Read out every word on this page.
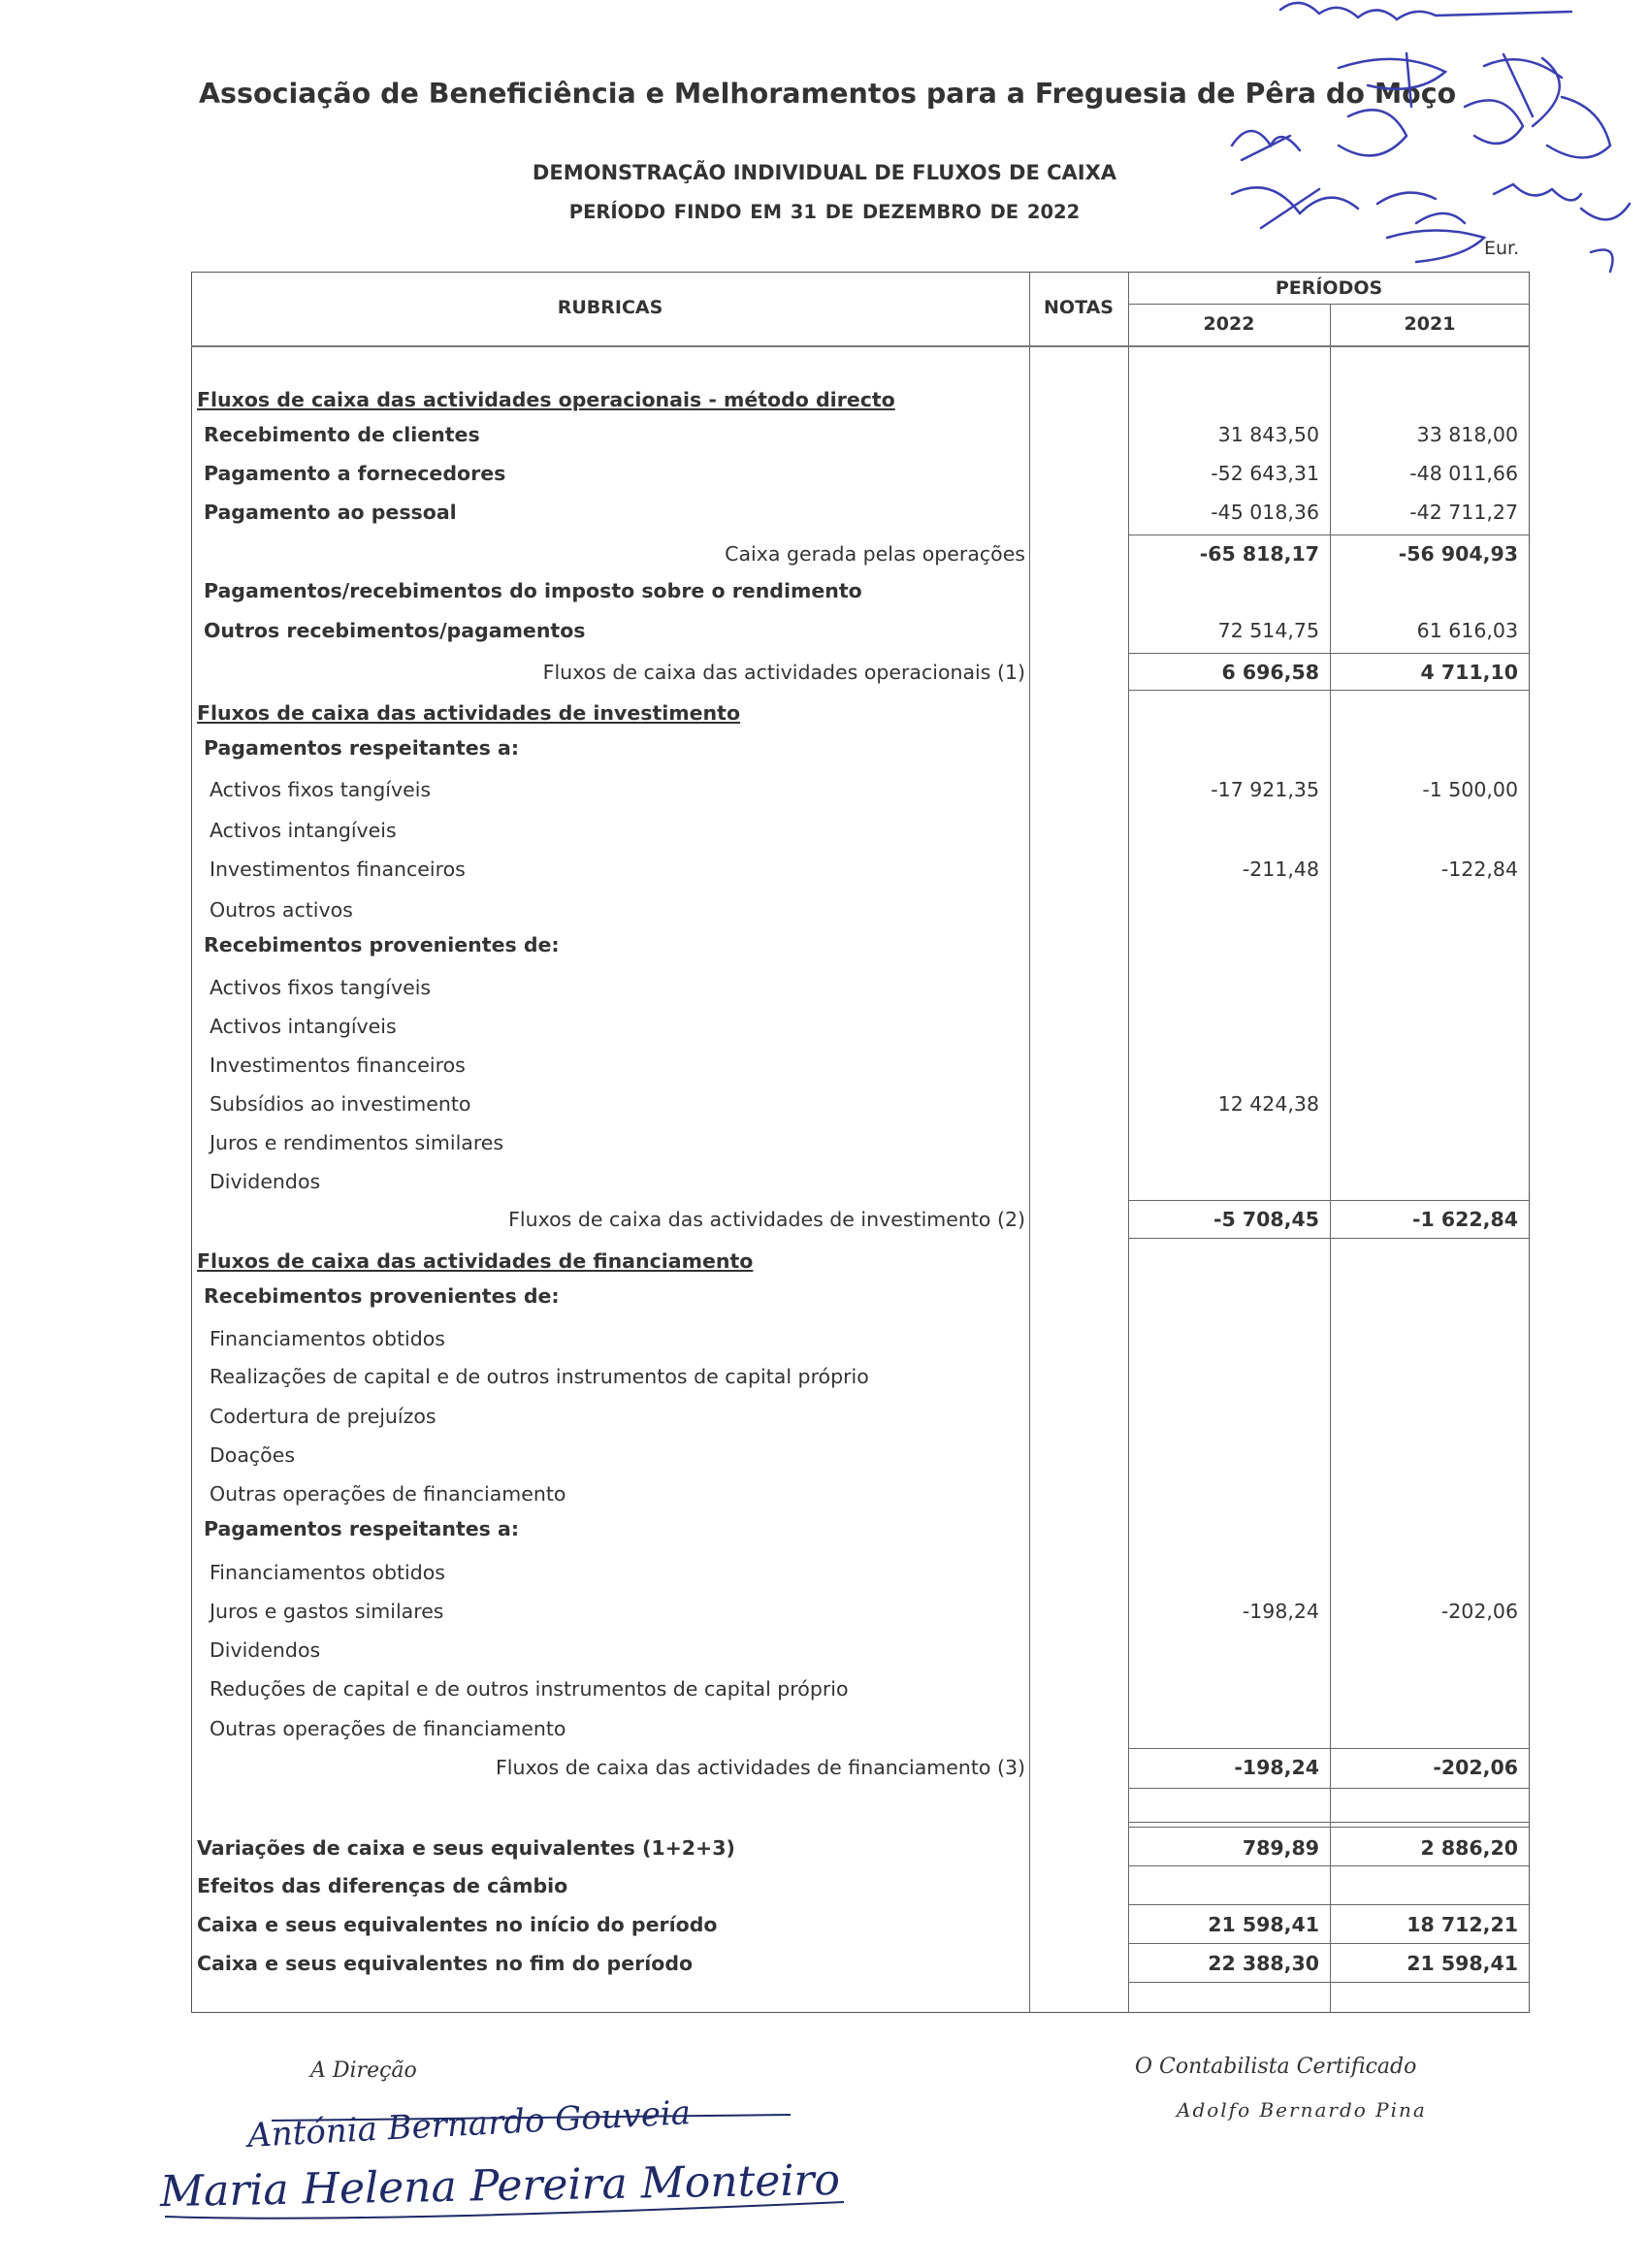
Associação de Beneficiência e Melhoramentos para a Freguesia de Pêra do Moço
DEMONSTRAÇÃO INDIVIDUAL DE FLUXOS DE CAIXA
PERÍODO FINDO EM 31 DE DEZEMBRO DE 2022
Eur.
RUBRICAS	NOTAS
PERÍODOS
2022	2021
Fluxos de caixa das actividades operacionais - método directo
Recebimento de clientes	31 843,50	33 818,00
Pagamento a fornecedores	-52 643,31	-48 011,66
Pagamento ao pessoal	-45 018,36	-42 711,27
Caixa gerada pelas operações	-65 818,17	-56 904,93
Pagamentos/recebimentos do imposto sobre o rendimento
Outros recebimentos/pagamentos	72 514,75	61 616,03
Fluxos de caixa das actividades operacionais (1)	6 696,58	4 711,10
Fluxos de caixa das actividades de investimento
Pagamentos respeitantes a:
Activos fixos tangíveis	-17 921,35	-1 500,00
Activos intangíveis
Investimentos financeiros	-211,48	-122,84
Outros activos
Recebimentos provenientes de:
Activos fixos tangíveis
Activos intangíveis
Investimentos financeiros
Subsídios ao investimento	12 424,38
Juros e rendimentos similares
Dividendos
Fluxos de caixa das actividades de investimento (2)	-5 708,45	-1 622,84
Fluxos de caixa das actividades de financiamento
Recebimentos provenientes de:
Financiamentos obtidos
Realizações de capital e de outros instrumentos de capital próprio
Codertura de prejuízos
Doações
Outras operações de financiamento
Pagamentos respeitantes a:
Financiamentos obtidos
Juros e gastos similares	-198,24	-202,06
Dividendos
Reduções de capital e de outros instrumentos de capital próprio
Outras operações de financiamento
Fluxos de caixa das actividades de financiamento (3)	-198,24	-202,06
Variações de caixa e seus equivalentes (1+2+3)	789,89	2 886,20
Efeitos das diferenças de câmbio
Caixa e seus equivalentes no início do período	21 598,41	18 712,21
Caixa e seus equivalentes no fim do período	22 388,30	21 598,41
A Direção	O Contabilista Certificado
Antónia Bernardo Gouveia
Maria Helena Pereira Monteiro
Adolfo Bernardo Pina
